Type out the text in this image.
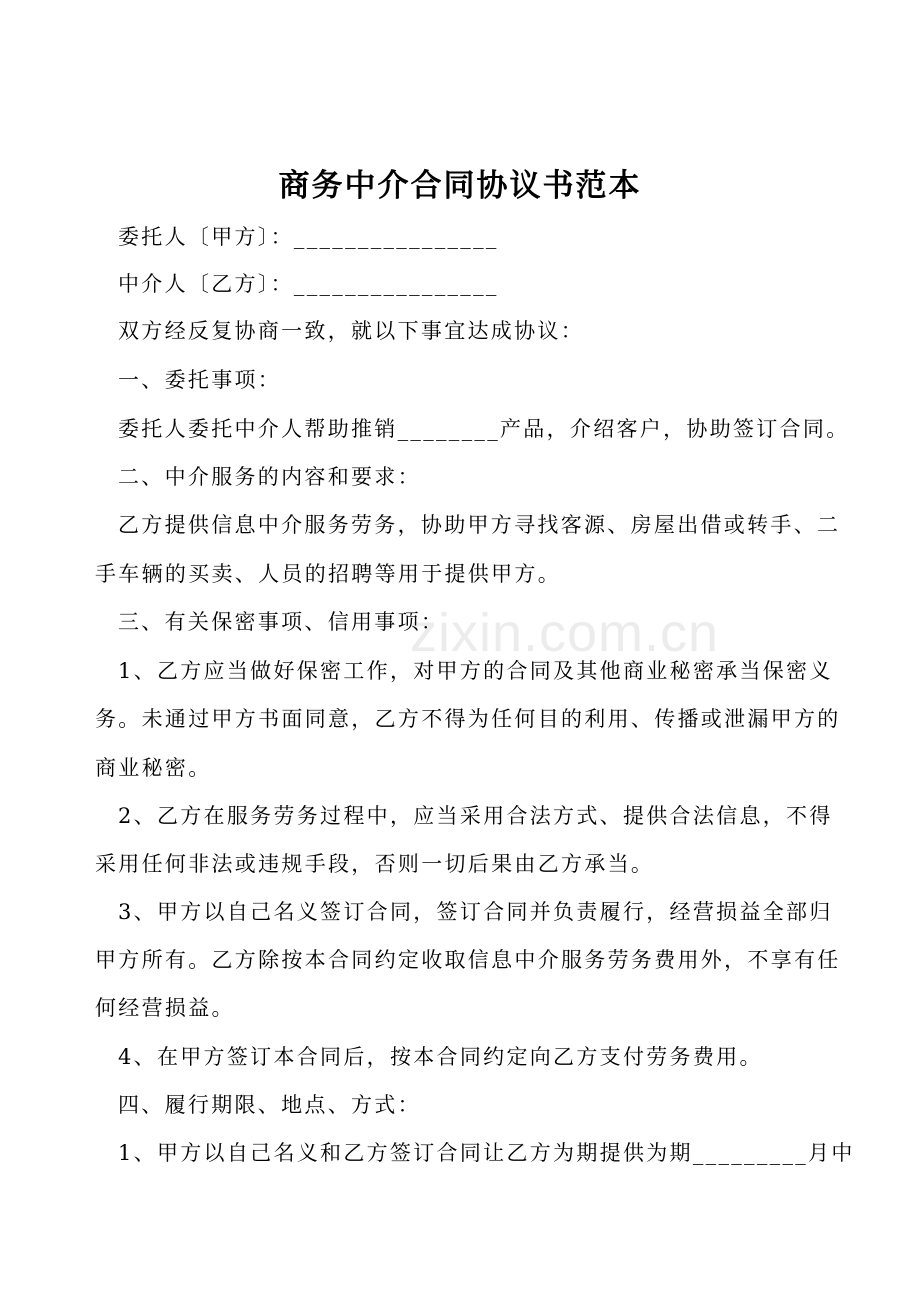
zixin.com.cn
商务中介合同协议书范本
委托人〔甲方〕：________________
中介人〔乙方〕：________________
双方经反复协商一致，就以下事宜达成协议：
一、委托事项：
委托人委托中介人帮助推销________产品，介绍客户，协助签订合同。
二、中介服务的内容和要求：
乙方提供信息中介服务劳务，协助甲方寻找客源、房屋出借或转手、二
手车辆的买卖、人员的招聘等用于提供甲方。
三、有关保密事项、信用事项：
1、乙方应当做好保密工作，对甲方的合同及其他商业秘密承当保密义
务。未通过甲方书面同意，乙方不得为任何目的利用、传播或泄漏甲方的
商业秘密。
2、乙方在服务劳务过程中，应当采用合法方式、提供合法信息，不得
采用任何非法或违规手段，否则一切后果由乙方承当。
3、甲方以自己名义签订合同，签订合同并负责履行，经营损益全部归
甲方所有。乙方除按本合同约定收取信息中介服务劳务费用外，不享有任
何经营损益。
4、在甲方签订本合同后，按本合同约定向乙方支付劳务费用。
四、履行期限、地点、方式：
1、甲方以自己名义和乙方签订合同让乙方为期提供为期_________月中
